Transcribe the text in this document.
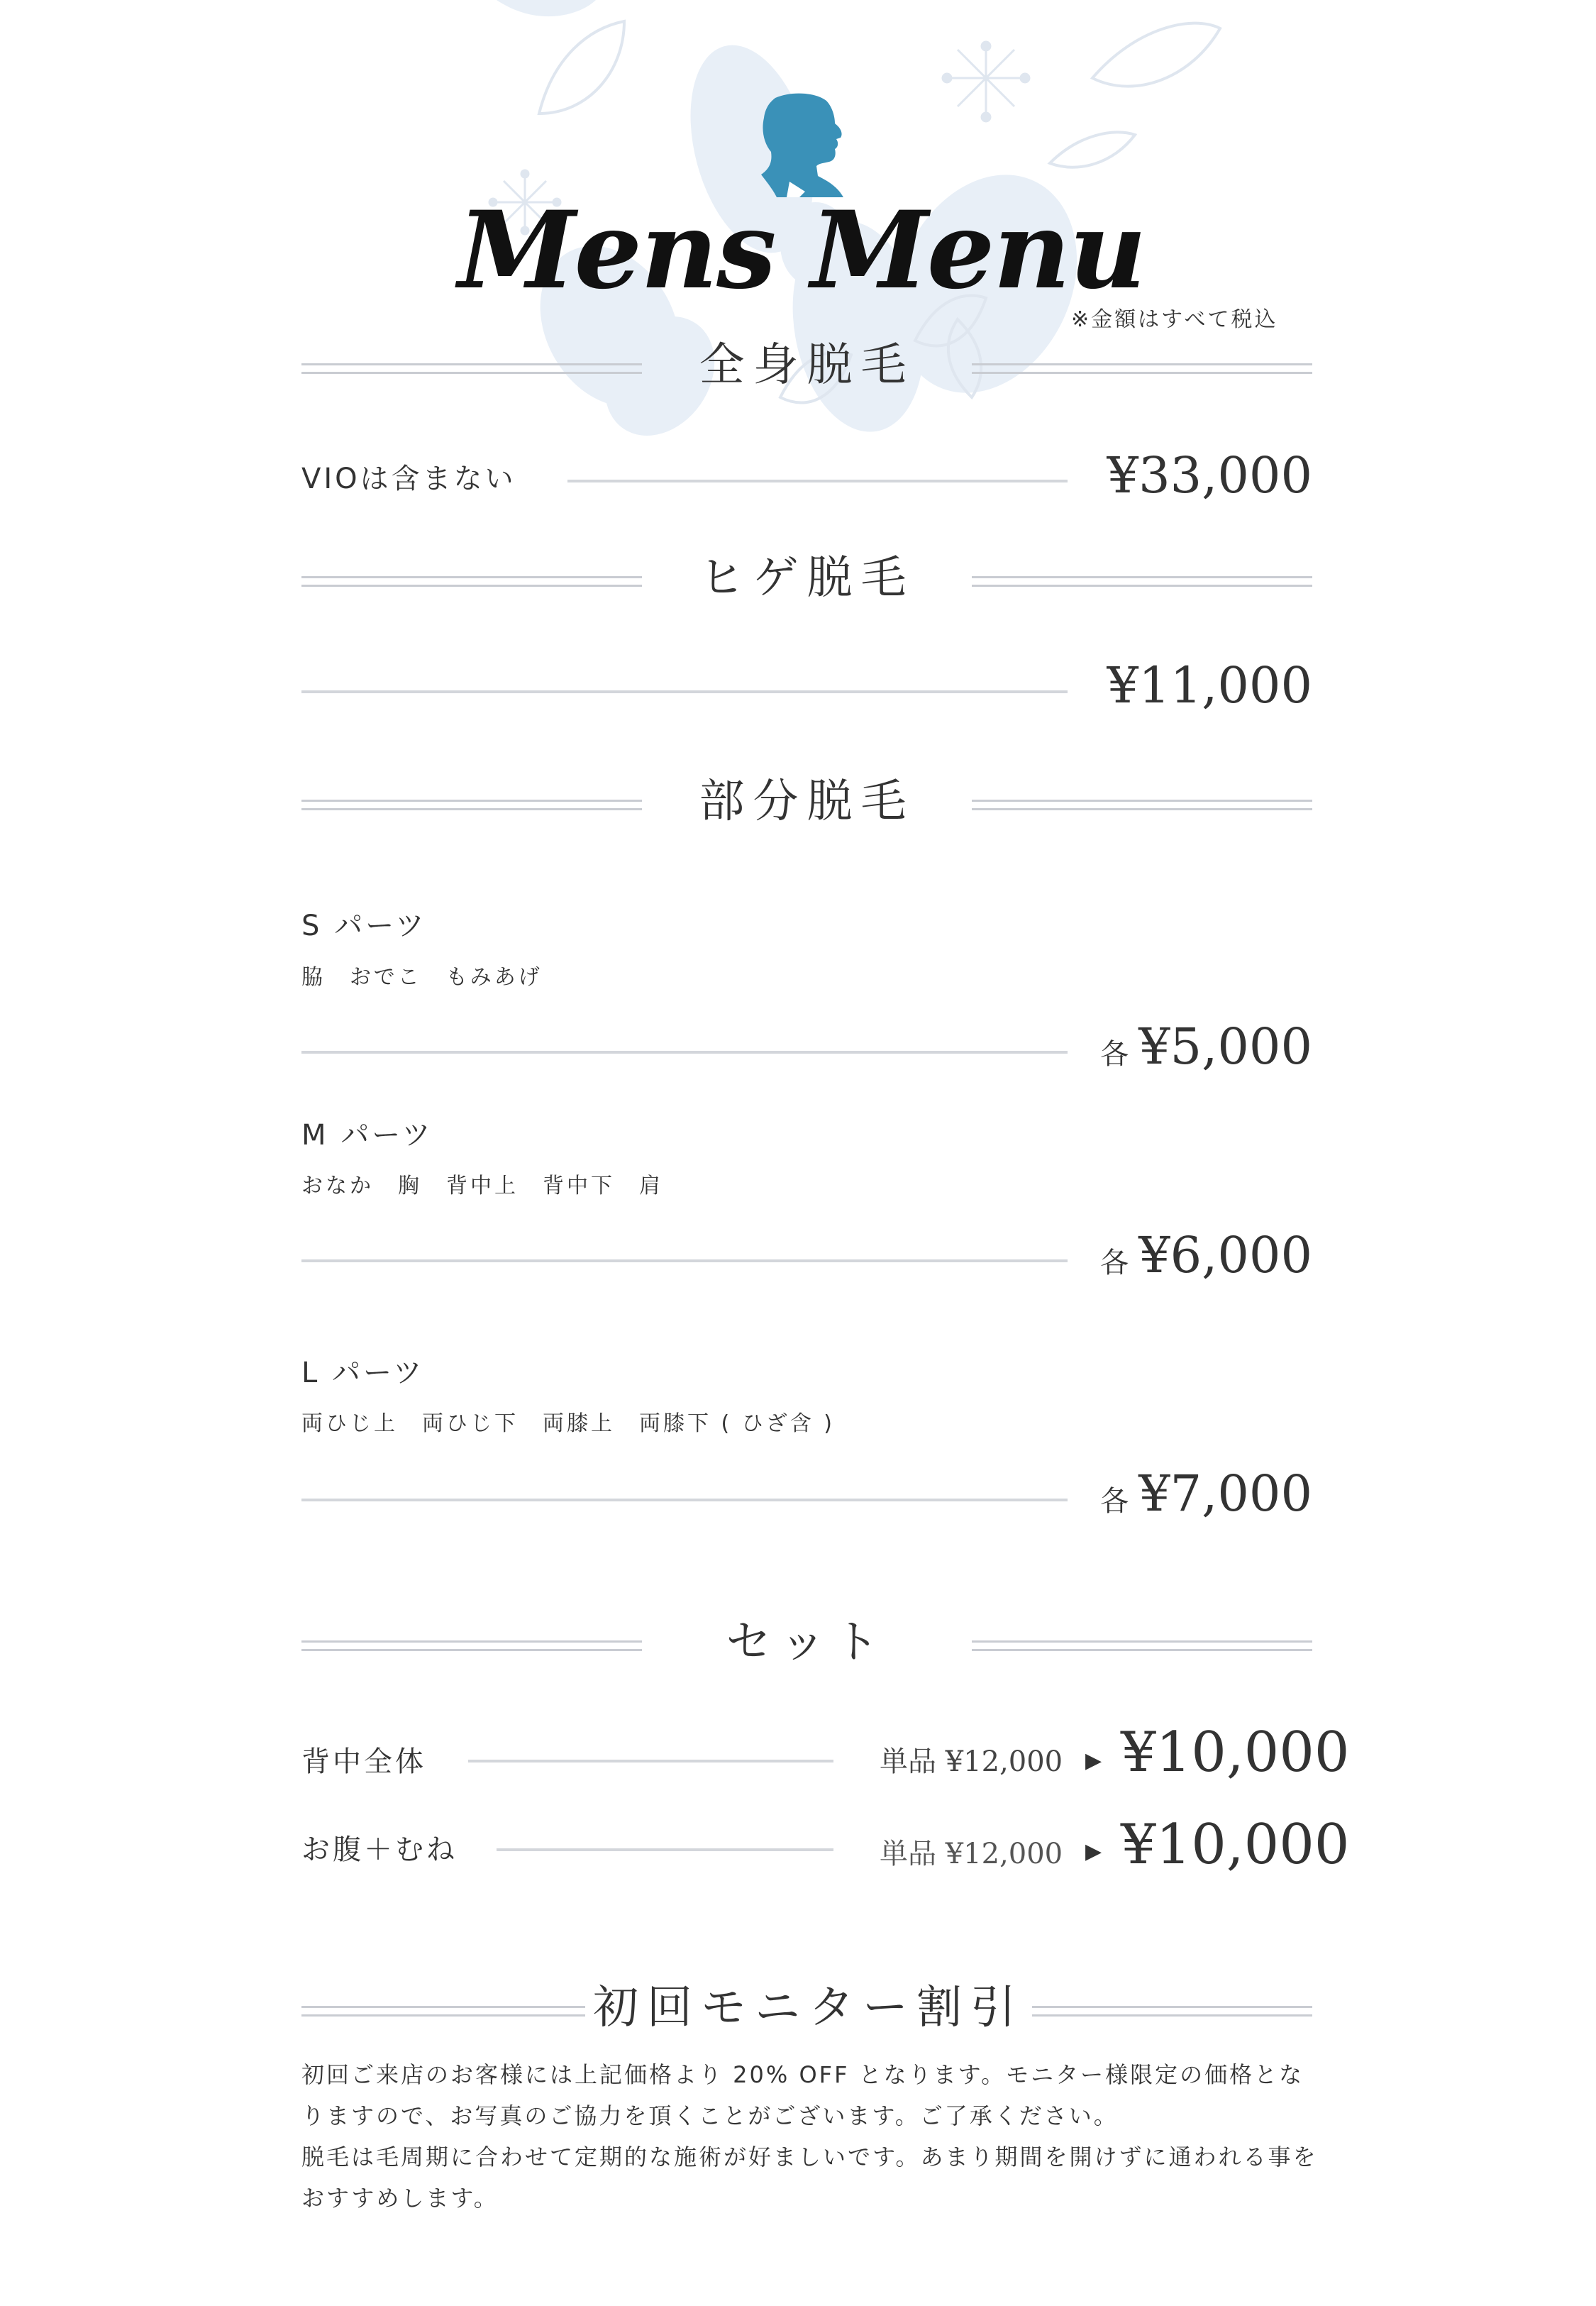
Mens Menu
※金額はすべて税込
全身脱毛
VIOは含まない	¥33,000
ヒゲ脱毛
¥11,000
部分脱毛
S パーツ
脇　おでこ　もみあげ
各 ¥5,000
M パーツ
おなか　胸　背中上　背中下　肩
各 ¥6,000
L パーツ
両ひじ上　両ひじ下　両膝上　両膝下 ( ひざ含 )
各 ¥7,000
セット
背中全体	単品 ¥12,000 ▶ ¥10,000
お腹＋むね	単品 ¥12,000 ▶ ¥10,000
初回モニター割引

初回ご来店のお客様には上記価格より 20% OFF となります。モニター様限定の価格となりますので、お写真のご協力を頂くことがございます。ご了承ください。

脱毛は毛周期に合わせて定期的な施術が好ましいです。あまり期間を開けずに通われる事をおすすめします。
